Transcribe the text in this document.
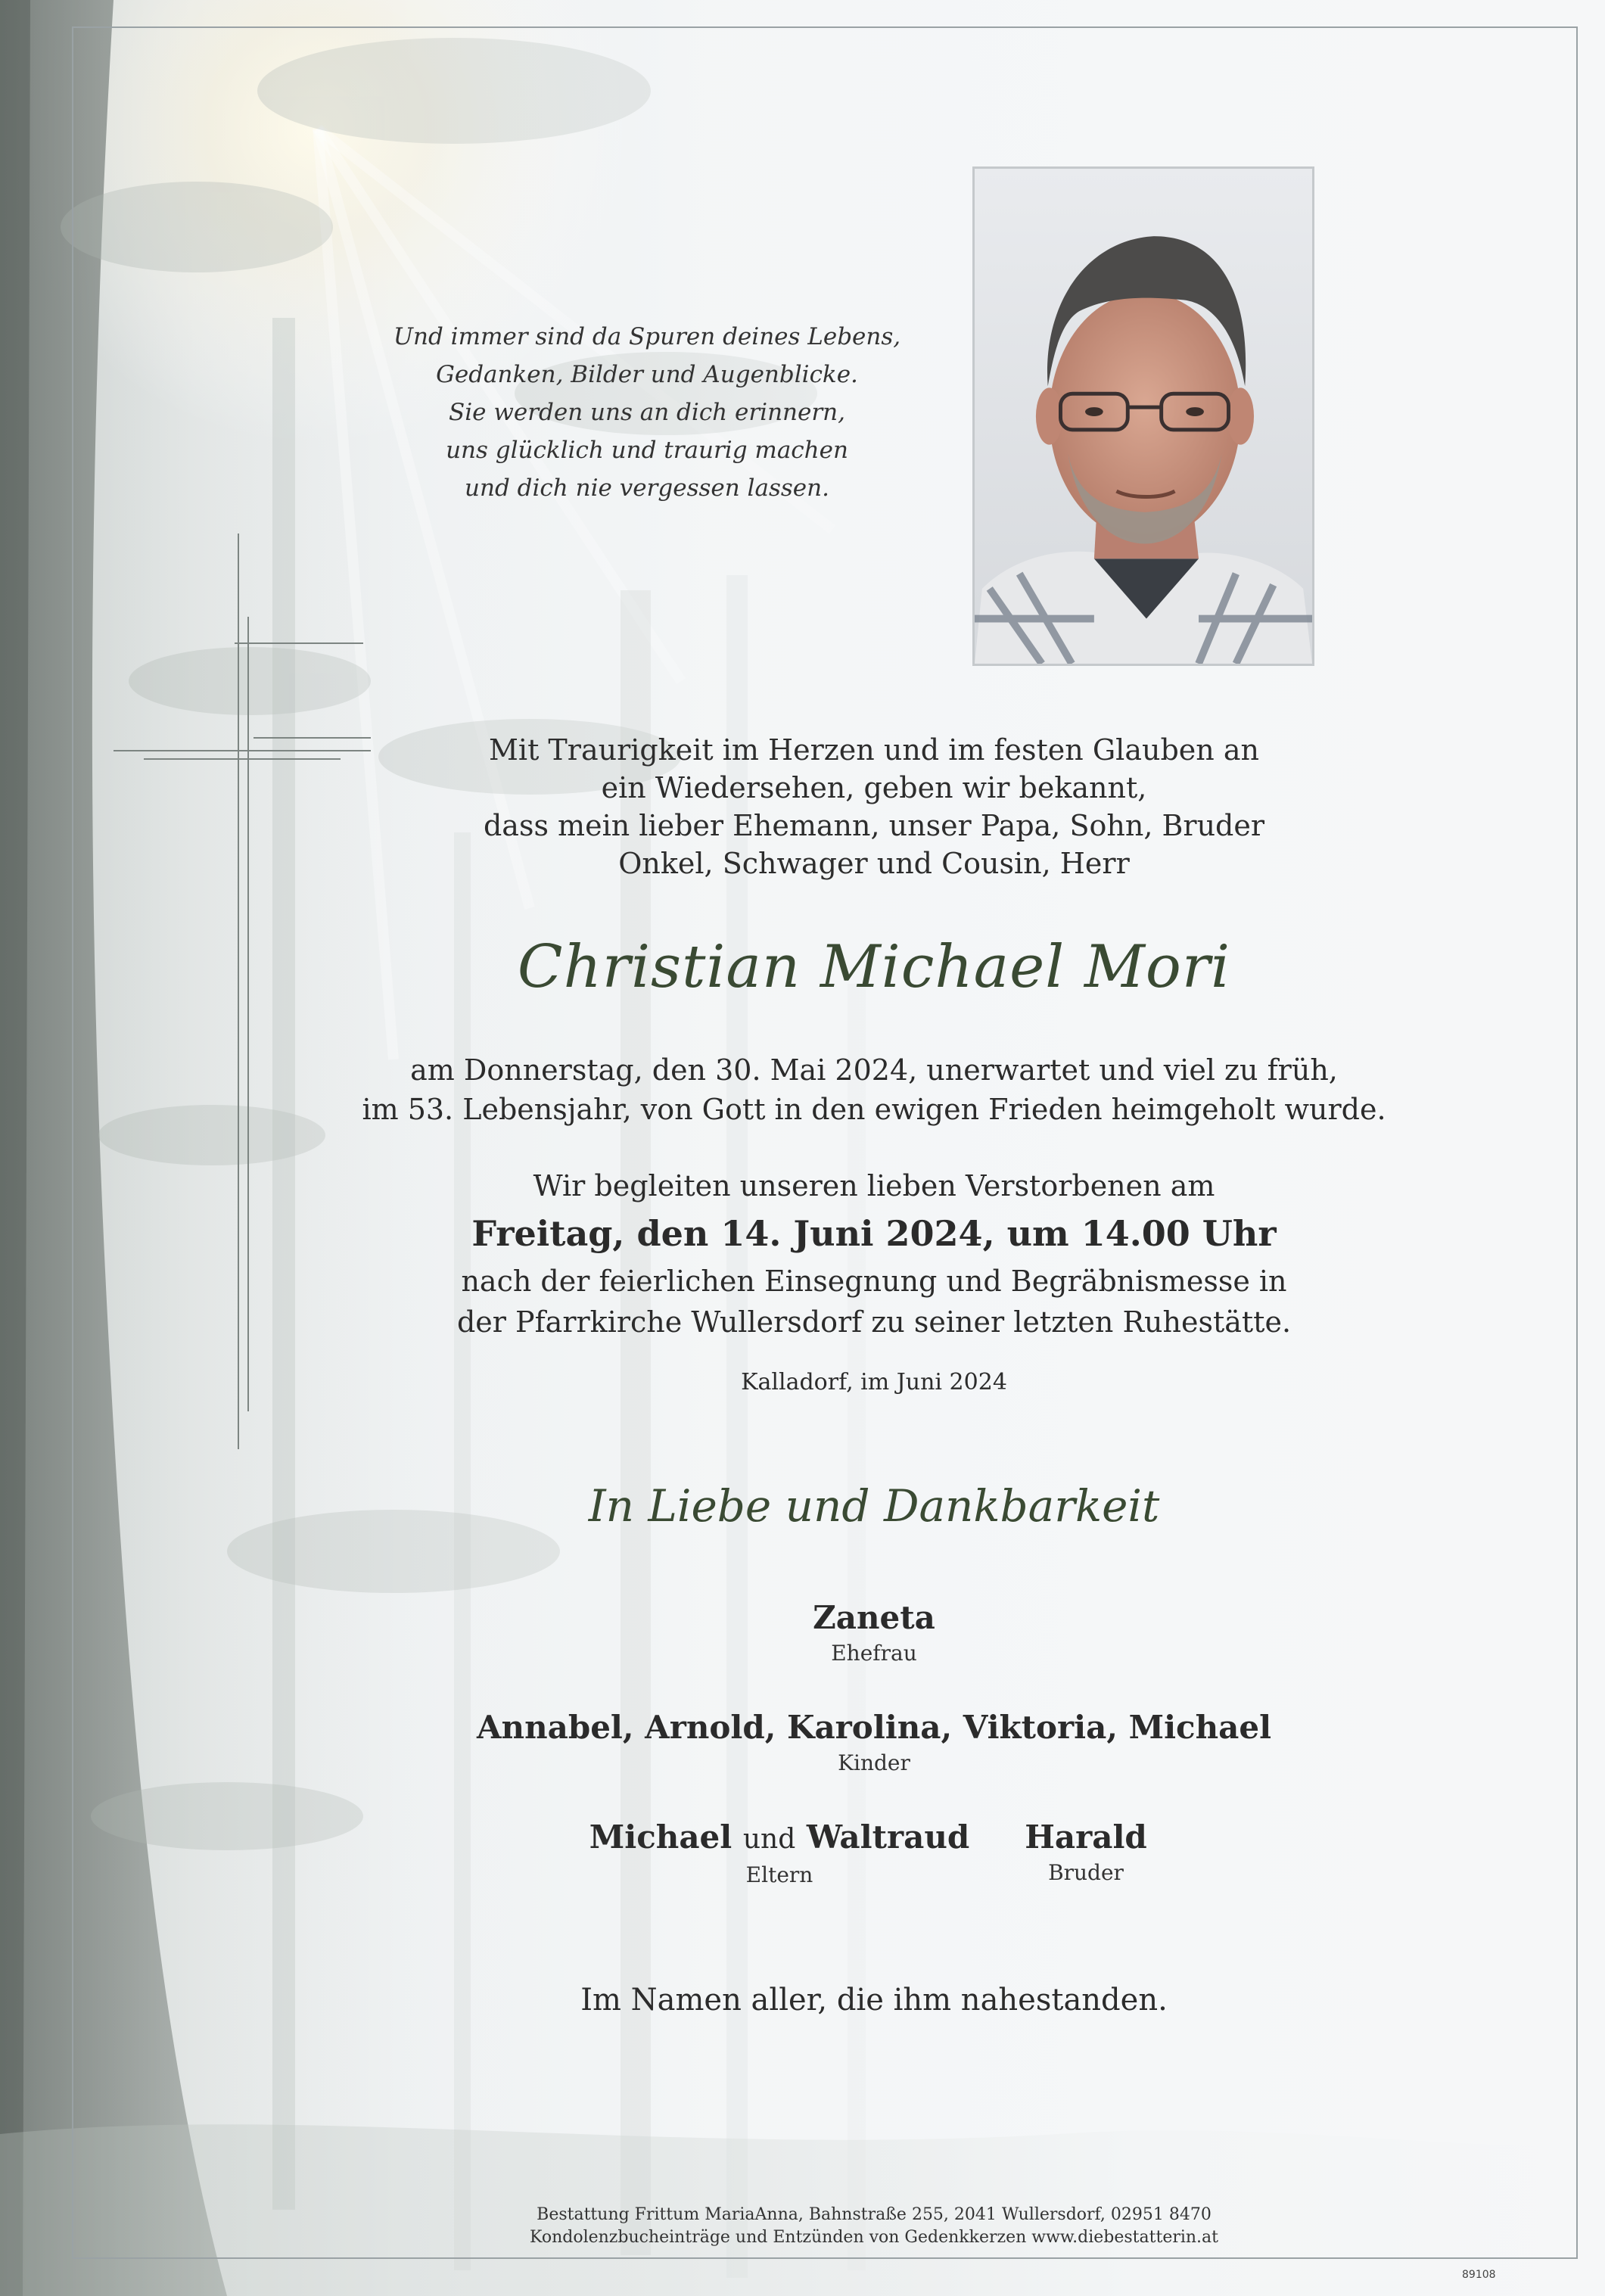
Und immer sind da Spuren deines Lebens,
Gedanken, Bilder und Augenblicke.
Sie werden uns an dich erinnern,
uns glücklich und traurig machen
und dich nie vergessen lassen.
Mit Traurigkeit im Herzen und im festen Glauben an
ein Wiedersehen, geben wir bekannt,
dass mein lieber Ehemann, unser Papa, Sohn, Bruder
Onkel, Schwager und Cousin, Herr
Christian Michael Mori
am Donnerstag, den 30. Mai 2024, unerwartet und viel zu früh,
im 53. Lebensjahr, von Gott in den ewigen Frieden heimgeholt wurde.
Wir begleiten unseren lieben Verstorbenen am
Freitag, den 14. Juni 2024, um 14.00 Uhr
nach der feierlichen Einsegnung und Begräbnismesse in
der Pfarrkirche Wullersdorf zu seiner letzten Ruhestätte.
Kalladorf, im Juni 2024
In Liebe und Dankbarkeit
Zaneta
Ehefrau
Annabel, Arnold, Karolina, Viktoria, Michael
Kinder
Michael und Waltraud
Eltern
Harald
Bruder
Im Namen aller, die ihm nahestanden.
Bestattung Frittum MariaAnna, Bahnstraße 255, 2041 Wullersdorf, 02951 8470
Kondolenzbucheinträge und Entzünden von Gedenkkerzen www.diebestatterin.at
89108
